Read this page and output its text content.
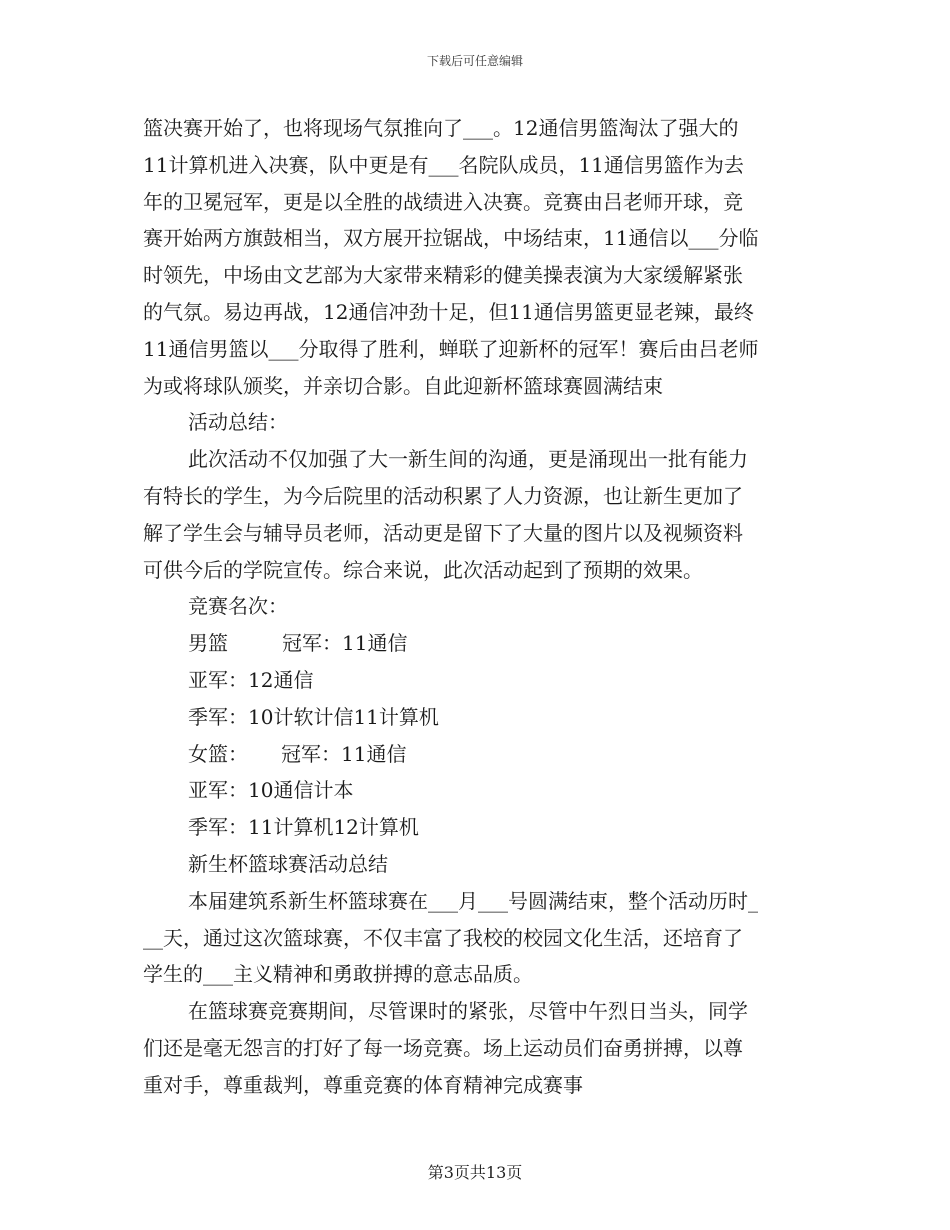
下载后可任意编辑
篮决赛开始了，也将现场气氛推向了___。12通信男篮淘汰了强大的
11计算机进入决赛，队中更是有___名院队成员，11通信男篮作为去
年的卫冕冠军，更是以全胜的战绩进入决赛。竞赛由吕老师开球，竞
赛开始两方旗鼓相当，双方展开拉锯战，中场结束，11通信以___分临
时领先，中场由文艺部为大家带来精彩的健美操表演为大家缓解紧张
的气氛。易边再战，12通信冲劲十足，但11通信男篮更显老辣，最终
11通信男篮以___分取得了胜利，蝉联了迎新杯的冠军！赛后由吕老师
为或将球队颁奖，并亲切合影。自此迎新杯篮球赛圆满结束
活动总结：
此次活动不仅加强了大一新生间的沟通，更是涌现出一批有能力
有特长的学生，为今后院里的活动积累了人力资源，也让新生更加了
解了学生会与辅导员老师，活动更是留下了大量的图片以及视频资料
可供今后的学院宣传。综合来说，此次活动起到了预期的效果。
竞赛名次：
男篮	冠军：11通信
亚军：12通信
季军：10计软计信11计算机
女篮： 冠军：11通信
亚军：10通信计本
季军：11计算机12计算机
新生杯篮球赛活动总结
本届建筑系新生杯篮球赛在___月___号圆满结束，整个活动历时_
__天，通过这次篮球赛，不仅丰富了我校的校园文化生活，还培育了
学生的___主义精神和勇敢拼搏的意志品质。
在篮球赛竞赛期间，尽管课时的紧张，尽管中午烈日当头，同学
们还是毫无怨言的打好了每一场竞赛。场上运动员们奋勇拼搏，以尊
重对手，尊重裁判，尊重竞赛的体育精神完成赛事
第3页共13页
